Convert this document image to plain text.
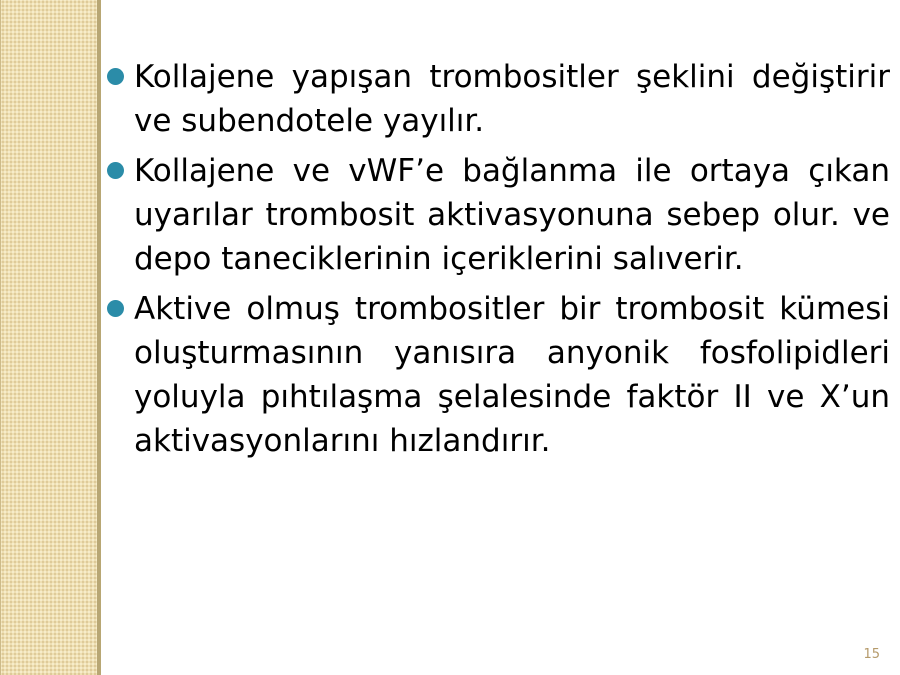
Kollajene yapışan trombositler şeklini değiştirir ve subendotele yayılır.
Kollajene ve vWF’e bağlanma ile ortaya çıkan uyarılar trombosit aktivasyonuna sebep olur. ve depo taneciklerinin içeriklerini salıverir.
Aktive olmuş trombositler bir trombosit kümesi oluşturmasının yanısıra anyonik fosfolipidleri yoluyla pıhtılaşma şelalesinde faktör II ve X’un aktivasyonlarını hızlandırır.
15
